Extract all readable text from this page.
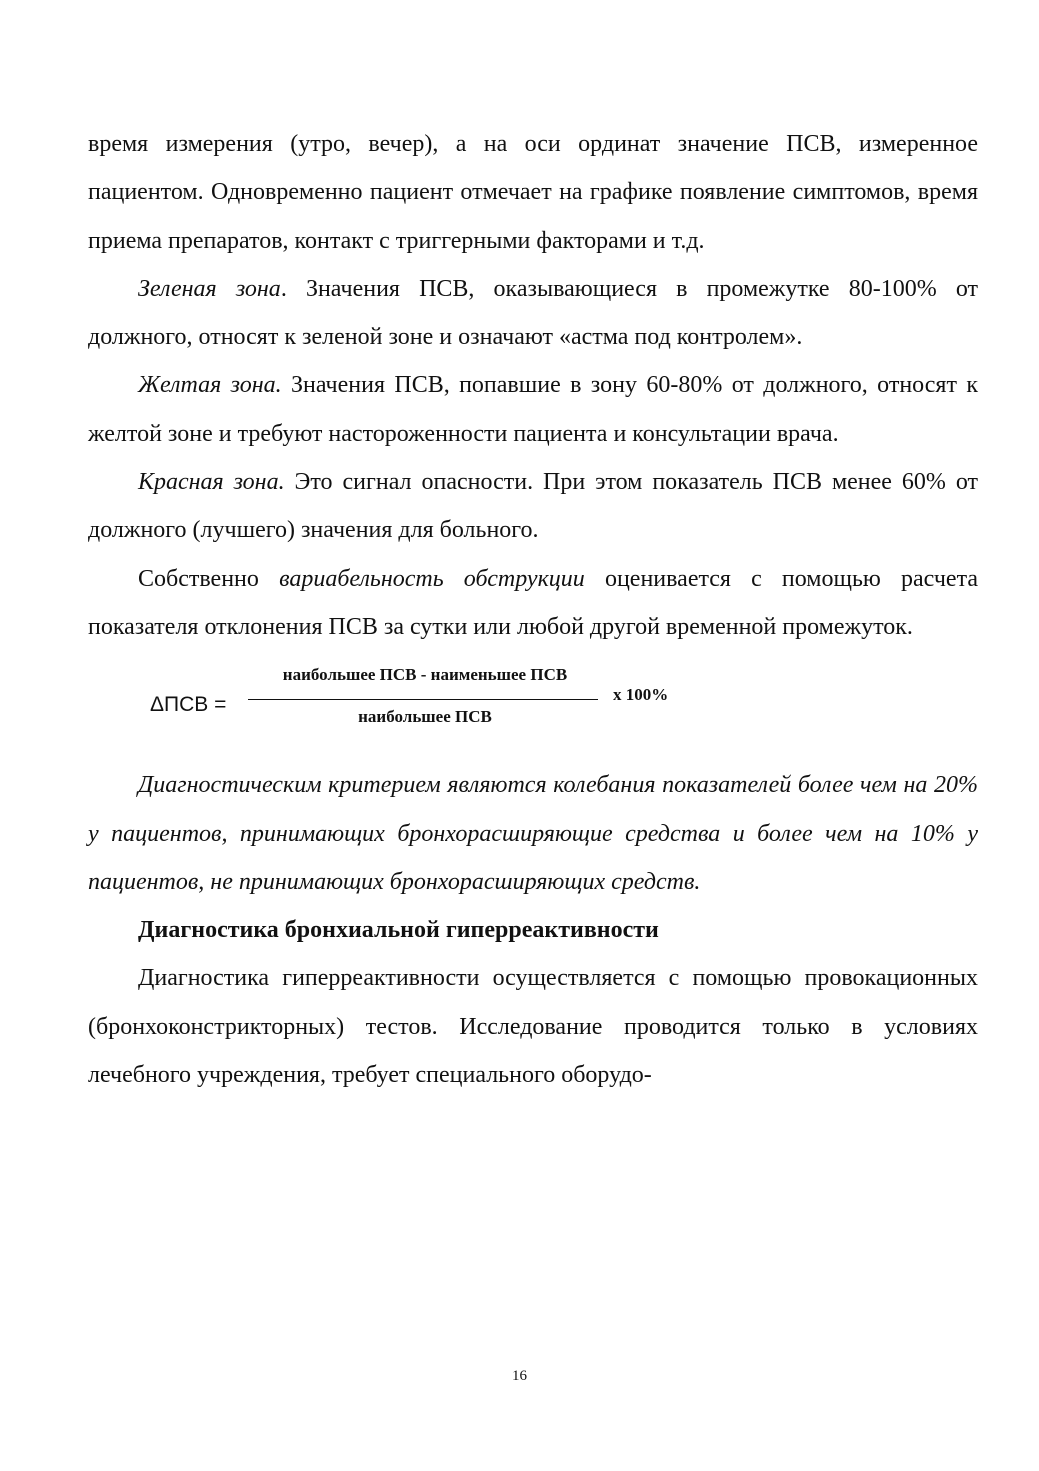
время измерения (утро, вечер), а на оси ординат значение ПСВ, измеренное пациентом. Одновременно пациент отмечает на графике появление симптомов, время приема препаратов, контакт с триггерными факторами и т.д.

Зеленая зона. Значения ПСВ, оказывающиеся в промежутке 80-100% от должного, относят к зеленой зоне и означают «астма под контролем».

Желтая зона. Значения ПСВ, попавшие в зону 60-80% от должного, относят к желтой зоне и требуют настороженности пациента и консультации врача.

Красная зона. Это сигнал опасности. При этом показатель ПСВ менее 60% от должного (лучшего) значения для больного.

Собственно вариабельность обструкции оценивается с помощью расчета показателя отклонения ПСВ за сутки или любой другой временной промежуток.

ΔПСВ =
наибольшее ПСВ - наименьшее ПСВ
наибольшее ПСВ
x 100%

Диагностическим критерием являются колебания показателей более чем на 20% у пациентов, принимающих бронхорасширяющие средства и более чем на 10% у пациентов, не принимающих бронхорасширяющих средств.

Диагностика бронхиальной гиперреактивности

Диагностика гиперреактивности осуществляется с помощью провокационных (бронхоконстрикторных) тестов. Исследование проводится только в условиях лечебного учреждения, требует специального оборудо-

16
